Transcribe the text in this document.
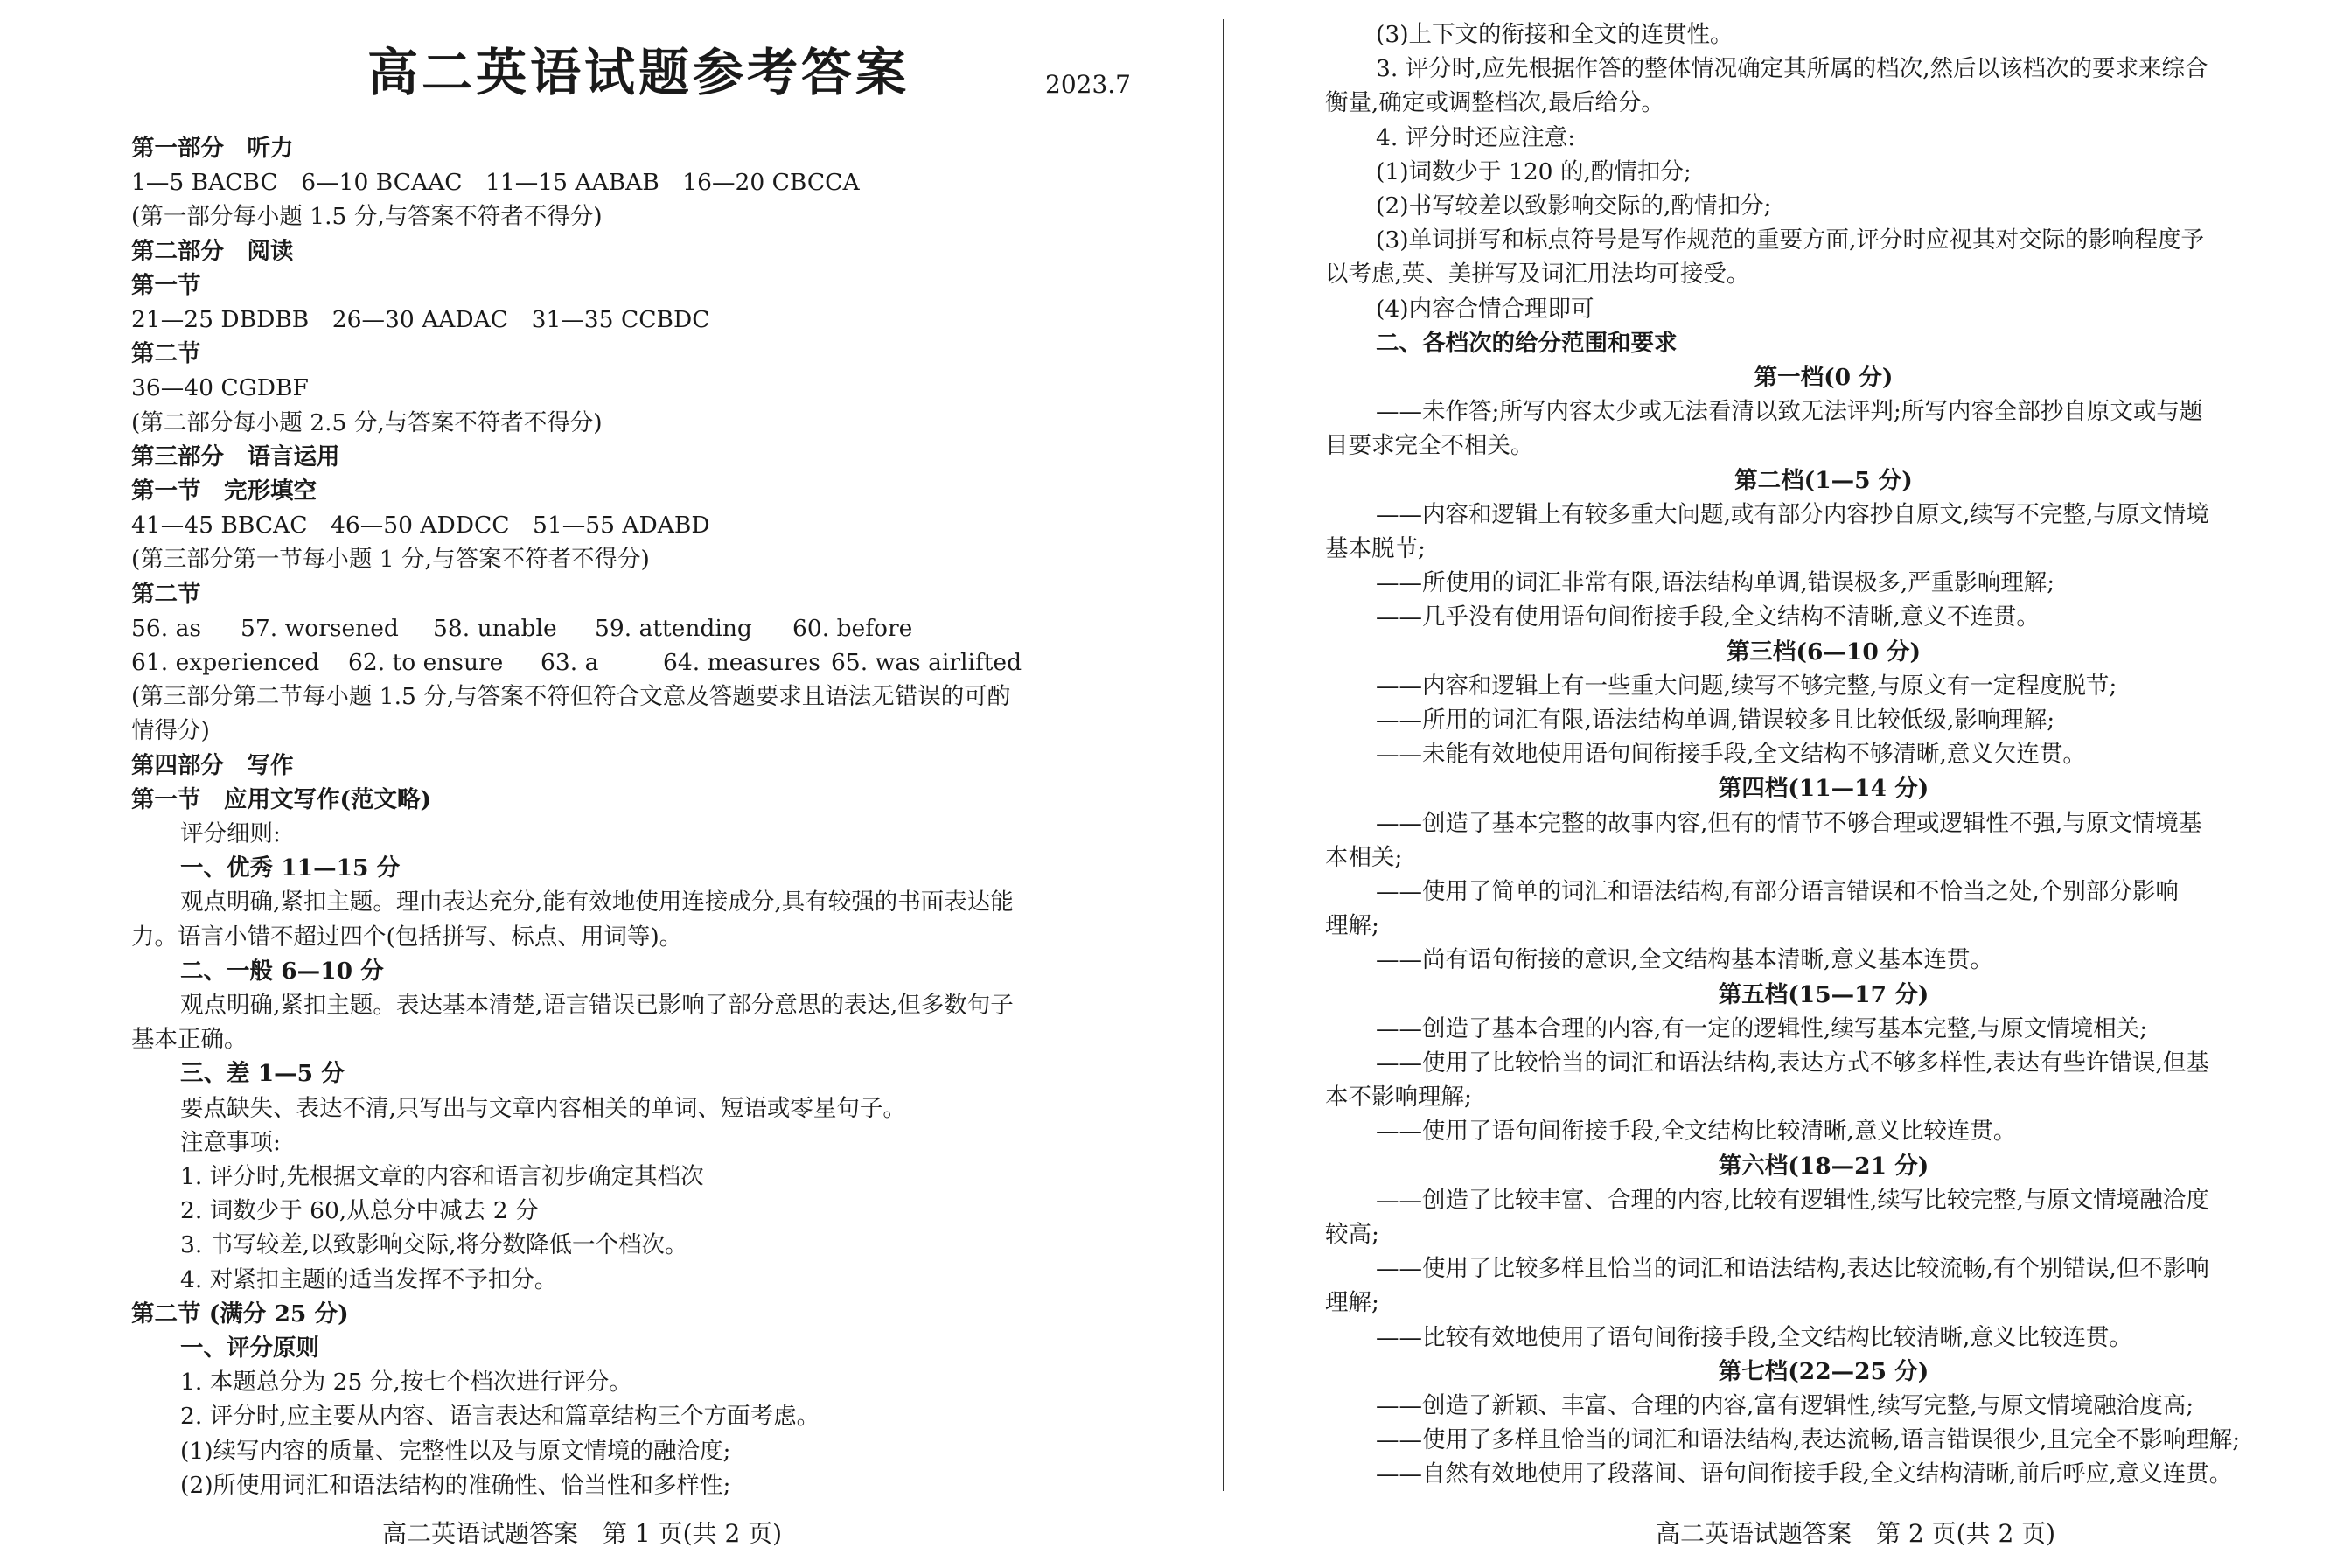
高二英语试题参考答案	2023.7
第一部分　听力
1—5 BACBC　6—10 BCAAC　11—15 AABAB　16—20 CBCCA
(第一部分每小题 1.5 分,与答案不符者不得分)
第二部分　阅读
第一节
21—25 DBDBB　26—30 AADAC　31—35 CCBDC
第二节
36—40 CGDBF
(第二部分每小题 2.5 分,与答案不符者不得分)
第三部分　语言运用
第一节　完形填空
41—45 BBCAC　46—50 ADDCC　51—55 ADABD
(第三部分第一节每小题 1 分,与答案不符者不得分)
第二节
56. as 57. worsened 58. unable 59. attending 60. before
61. experienced 62. to ensure 63. a	64. measures 65. was airlifted
(第三部分第二节每小题 1.5 分,与答案不符但符合文意及答题要求且语法无错误的可酌
情得分)
第四部分　写作
第一节　应用文写作(范文略)
评分细则:
一、优秀 11—15 分
观点明确,紧扣主题。理由表达充分,能有效地使用连接成分,具有较强的书面表达能
力。语言小错不超过四个(包括拼写、标点、用词等)。
二、一般 6—10 分
观点明确,紧扣主题。表达基本清楚,语言错误已影响了部分意思的表达,但多数句子
基本正确。
三、差 1—5 分
要点缺失、表达不清,只写出与文章内容相关的单词、短语或零星句子。
注意事项:
1. 评分时,先根据文章的内容和语言初步确定其档次
2. 词数少于 60,从总分中减去 2 分
3. 书写较差,以致影响交际,将分数降低一个档次。
4. 对紧扣主题的适当发挥不予扣分。
第二节 (满分 25 分)
一、评分原则
1. 本题总分为 25 分,按七个档次进行评分。
2. 评分时,应主要从内容、语言表达和篇章结构三个方面考虑。
(1)续写内容的质量、完整性以及与原文情境的融洽度;
(2)所使用词汇和语法结构的准确性、恰当性和多样性;
(3)上下文的衔接和全文的连贯性。
3. 评分时,应先根据作答的整体情况确定其所属的档次,然后以该档次的要求来综合
衡量,确定或调整档次,最后给分。
4. 评分时还应注意:
(1)词数少于 120 的,酌情扣分;
(2)书写较差以致影响交际的,酌情扣分;
(3)单词拼写和标点符号是写作规范的重要方面,评分时应视其对交际的影响程度予
以考虑,英、美拼写及词汇用法均可接受。
(4)内容合情合理即可
二、各档次的给分范围和要求
第一档(0 分)
——未作答;所写内容太少或无法看清以致无法评判;所写内容全部抄自原文或与题
目要求完全不相关。
第二档(1—5 分)
——内容和逻辑上有较多重大问题,或有部分内容抄自原文,续写不完整,与原文情境
基本脱节;
——所使用的词汇非常有限,语法结构单调,错误极多,严重影响理解;
——几乎没有使用语句间衔接手段,全文结构不清晰,意义不连贯。
第三档(6—10 分)
——内容和逻辑上有一些重大问题,续写不够完整,与原文有一定程度脱节;
——所用的词汇有限,语法结构单调,错误较多且比较低级,影响理解;
——未能有效地使用语句间衔接手段,全文结构不够清晰,意义欠连贯。
第四档(11—14 分)
——创造了基本完整的故事内容,但有的情节不够合理或逻辑性不强,与原文情境基
本相关;
——使用了简单的词汇和语法结构,有部分语言错误和不恰当之处,个别部分影响
理解;
——尚有语句衔接的意识,全文结构基本清晰,意义基本连贯。
第五档(15—17 分)
——创造了基本合理的内容,有一定的逻辑性,续写基本完整,与原文情境相关;
——使用了比较恰当的词汇和语法结构,表达方式不够多样性,表达有些许错误,但基
本不影响理解;
——使用了语句间衔接手段,全文结构比较清晰,意义比较连贯。
第六档(18—21 分)
——创造了比较丰富、合理的内容,比较有逻辑性,续写比较完整,与原文情境融洽度
较高;
——使用了比较多样且恰当的词汇和语法结构,表达比较流畅,有个别错误,但不影响
理解;
——比较有效地使用了语句间衔接手段,全文结构比较清晰,意义比较连贯。
第七档(22—25 分)
——创造了新颖、丰富、合理的内容,富有逻辑性,续写完整,与原文情境融洽度高;
——使用了多样且恰当的词汇和语法结构,表达流畅,语言错误很少,且完全不影响理解;
——自然有效地使用了段落间、语句间衔接手段,全文结构清晰,前后呼应,意义连贯。
高二英语试题答案　第 1 页(共 2 页)	高二英语试题答案　第 2 页(共 2 页)
